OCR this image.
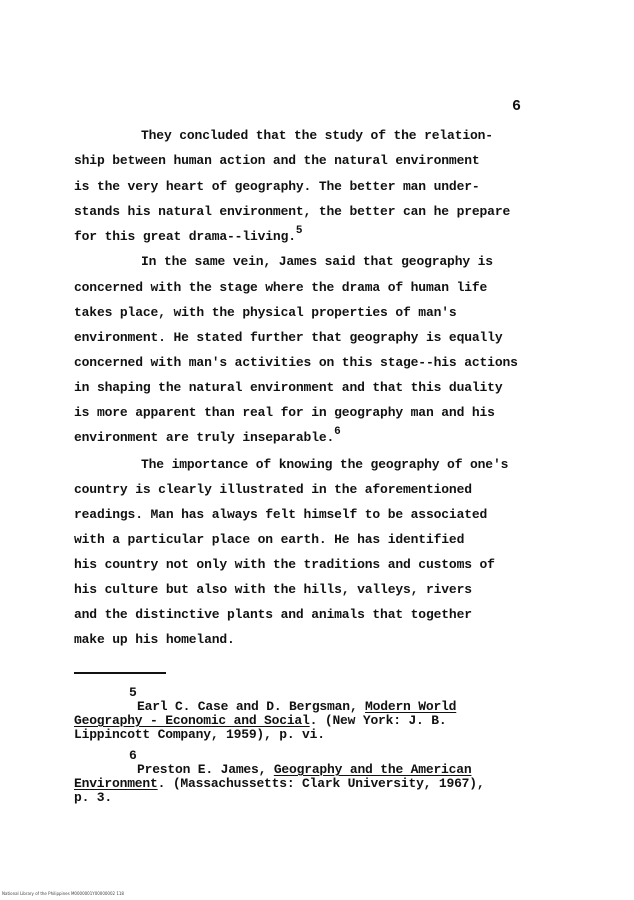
6
They concluded that the study of the relation-
ship between human action and the natural environment
is the very heart of geography. The better man under-
stands his natural environment, the better can he prepare
for this great drama--living.$^5$
In the same vein, James said that geography is
concerned with the stage where the drama of human life
takes place, with the physical properties of man's
environment. He stated further that geography is equally
concerned with man's activities on this stage--his actions
in shaping the natural environment and that this duality
is more apparent than real for in geography man and his
environment are truly inseparable.$^6$
The importance of knowing the geography of one's
country is clearly illustrated in the aforementioned
readings. Man has always felt himself to be associated
with a particular place on earth. He has identified
his country not only with the traditions and customs of
his culture but also with the hills, valleys, rivers
and the distinctive plants and animals that together
make up his homeland.
5
Earl C. Case and D. Bergsman, Modern World
Geography - Economic and Social. (New York: J. B.
Lippincott Company, 1959), p. vi.
6
Preston E. James, Geography and the American
Environment. (Massachussetts: Clark University, 1967),
p. 3.
National Library of the Philippines M0000001Y00000002 118
